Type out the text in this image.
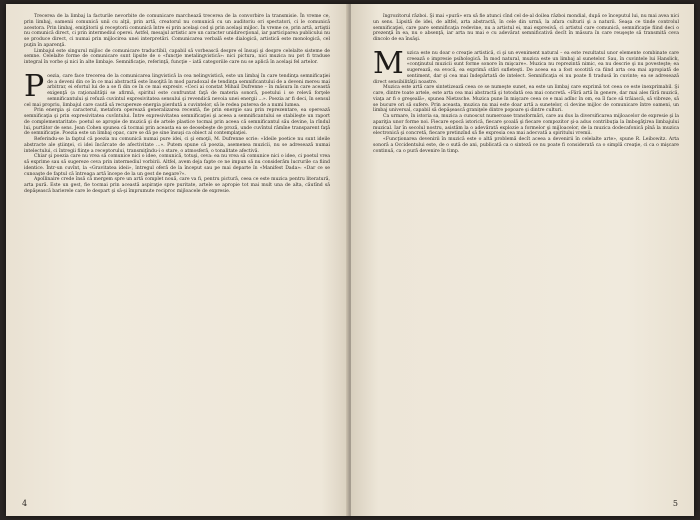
Trecerea de la limbaj la facturile nevorbite de comunicare marchează trecerea de la convorbire la transmisie. În vreme ce, prin limbaj, oamenii comunică unii cu alţii, prin artă, creatorul nu comunică cu un auditoriu ori spectatori, ci le comunică acestora. Prin limbaj, emiţătorii şi receptorii comunică între ei prin acelaşi cod şi prin acelaşi mijloc. În vreme ce, prin artă, artiştii nu comunică direct, ci prin intermediul operei. Astfel, mesajul artistic are un caracter unidirecţional, iar participarea publicului nu se produce direct, ci numai prin mijlocirea unei interpretări. Comunicarea verbală este dialogică, artistică este monologică, cel puţin în aparenţă.

Limbajul este singurul mijloc de comunicare traductibil, capabil să vorbească despre el însuşi şi despre celelalte sisteme de semne. Celelalte forme de comunicare sunt lipsite de o «funcţie metalingvistică»: nici pictura, nici muzica nu pot fi traduse integral în vorbe şi nici în alte limbaje. Semnificaţie, referinţă, funcţie – iată categoriile care nu se aplică în acelaşi fel artelor.

Poezia, care face trecerea de la comunicarea lingvistică la cea nelingvistică, este un limbaj în care tendinţa semnificaţiei de a deveni din ce în ce mai abstractă este însoţită în mod paradoxal de tendinţa semnificantului de a deveni mereu mai arbitrar, ei efortul lui de a se fi din ce în ce mai expresiv. «Ceci ai constat Mihail Dufrenne – în măsura în care această exigenţă (a raţionalităţii se afirmă, spiritul este confruntat faţă de materia sonoră, poetului i se relevă forţele semnificantului şi refuză cuvintul expresivitatea sensului şi revendică nevoia unei energii ...». Poezia ar fi deci, în sensul cel mai propriu, limbajul care caută să recupereze energia pierdută a cuvintelor, să le redea puterea de a numi lumea.

Prin energia şi caracterul, metafora operează generalizarea recentă, fie prin energie sau prin reprezentare, ea operează semnificaţia şi prin expresivitatea cuvîntului. Între expresivitatea semnificaţiei şi aceea a semnificantului se stabileşte un raport de complementaritate: poetul se apropie de muzică şi de artele plastice tocmai prin aceea că semnificantul său devine, la rîndul lui, purtător de sens. Jean Cohen spunea că tocmai prin aceasta ea se deosebeşte de proză, unde cuvîntul rămîne transparent faţă de semnificaţie. Poezia este un limbaj opac, care se dă pe sine însuşi ca obiect al contemplaţiei.

Referindu-se la faptul că poezia nu comunică numai pure idei, ci şi emoţii, M. Dufrenne scrie: «Ideile poetice nu sunt ideile abstracte ale ştiinţei, ci idei încărcate de afectivitate ...». Putem spune că poezia, asemenea muzicii, nu se adresează numai intelectului, ci întregii fiinţe a receptorului, transmiţîndu-i o stare, o atmosferă, o tonalitate afectivă.

Chiar şi poezia care nu vrea să comunice nici o idee, comunică, totuşi, ceva: ea nu vrea să comunice nici o idee, ci poetul vrea să exprime sau să sugereze ceva prin intermediul vorbirii. Altfel, avem deja fapte ce ne impun să nu considerăm lucrurile ca fiind identice. Într-un cuvînt, la «Gravitatea ideii», întregul oferă de la început sau pe mai departe în «Manifest Dada»: «Dar ce se cunoaşte de faptul că întreaga artă începe de la un gest de negare?».

Apollinaire crede însă că mergem spre un artă complet nouă, care va fi, pentru pictură, ceea ce este muzica pentru literatură, arta pură. Este un gest, fie tocmai prin această aspiraţie spre puritate, artele se apropie tot mai mult una de alta, căutînd să depăşească barierele care le despart şi să-şi împrumute reciproc mijloacele de expresie.

4

îngrozitorul război. Şi mai «pură» era să fie atunci cînd cel de-al doilea război mondial, după ce începutul lui, nu mai avea nici un sens. Lipsită de idei, de altfel, arta abstractă, în cele din urmă, la afara culturii şi a naturii. Seaşa ce tinde controlul semnificaţiei, care pare semnificaţia redevine, nu a artistul ei, mai expresivă, ci artistul care comunică, semnificaţie fiind deci o prezenţă în ea, nu o absenţă, iar arta nu mai e cu adevărat semnificativă decît în măsura în care reuşeşte să transmită ceva dincolo de ea însăşi.

Muzica este nu doar o creaţie artistică, ci şi un eveniment natural – ea este rezultatul unor elemente combinate care creează o impresie psihologică. În mod natural, muzica este un limbaj al sunetelor. Sau, în cuvintele lui Hanslick, «conţinutul muzicii sunt forme sonore în mişcare». Muzica nu reprezintă nimic, ea nu descrie şi nu povesteşte; ea sugerează, ea evocă, ea exprimă stări sufleteşti. De aceea ea a fost socotită ca fiind arta cea mai apropiată de sentiment, dar şi cea mai îndepărtată de intelect. Semnificaţia ei nu poate fi tradusă în cuvinte; ea se adresează direct sensibilităţii noastre.

Muzica este artă care sintetizează ceea ce se numeşte sunet, ea este un limbaj care exprimă tot ceea ce este inexprimabil. Şi care, dintre toate artele, este arta cea mai abstractă şi totodată cea mai concretă. «Fără artă în genere, dar mai ales fără muzică, viaţa ar fi o greşeală», spunea Nietzsche. Muzica pune în mişcare ceea ce e mai adînc în om, ea îl face să trăiască, să vibreze, să se bucure ori să sufere. Prin aceasta, muzica nu mai este doar artă a sunetelor, ci devine mijloc de comunicare între oameni, un limbaj universal, capabil să depăşească graniţele dintre popoare şi dintre culturi.

Ca urmare, în istoria sa, muzica a cunoscut numeroase transformări, care au dus la diversificarea mijloacelor de expresie şi la apariţia unor forme noi. Fiecare epocă istorică, fiecare şcoală şi fiecare compozitor şi-a adus contribuţia la îmbogăţirea limbajului muzical. Iar în secolul nostru, asistăm la o adevărată explozie a formelor şi mijloacelor, de la muzica dodecafonică pînă la muzica electronică şi concretă, fiecare pretinzînd să fie expresia cea mai adecvată a spiritului vremii.

«Funcţionarea devenirii în muzică este o altă problemă decît aceea a devenirii în celelalte arte», spune R. Leibowitz. Arta sonoră a Occidentului este, de o sută de ani, publicată ca o sinteză ce nu poate fi considerată ca o simplă creaţie, ci ca o mişcare continuă, ca o pură devenire în timp.

5
